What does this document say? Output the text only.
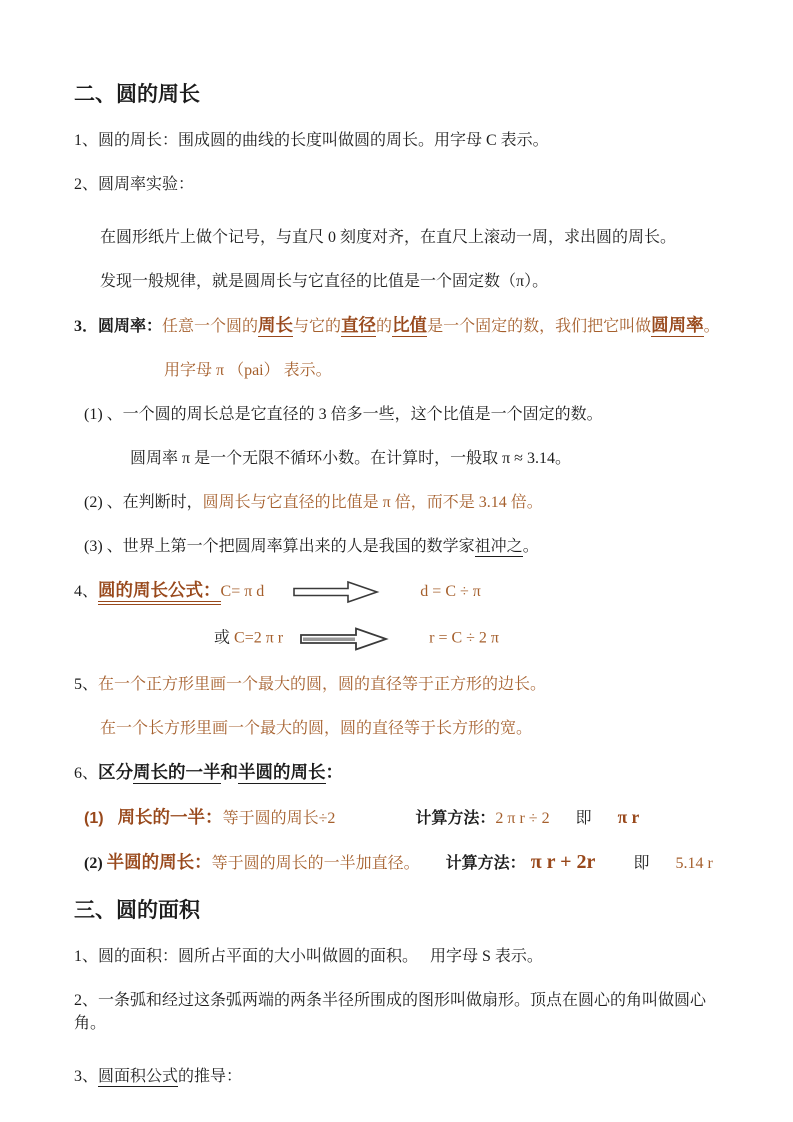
二、圆的周长
1、圆的周长：围成圆的曲线的长度叫做圆的周长。用字母 C 表示。
2、圆周率实验：
在圆形纸片上做个记号，与直尺 0 刻度对齐，在直尺上滚动一周，求出圆的周长。
发现一般规律，就是圆周长与它直径的比值是一个固定数（π）。
3．圆周率：任意一个圆的周长与它的直径的比值是一个固定的数，我们把它叫做圆周率。
用字母 π （pai） 表示。
(1) 、一个圆的周长总是它直径的 3 倍多一些，这个比值是一个固定的数。
圆周率 π 是一个无限不循环小数。在计算时，一般取 π ≈ 3.14。
(2) 、在判断时，圆周长与它直径的比值是 π 倍，而不是 3.14 倍。
(3) 、世界上第一个把圆周率算出来的人是我国的数学家祖冲之。
4、圆的周长公式：C= π d	d = C ÷ π
或 C=2 π r	r = C ÷ 2 π
5、在一个正方形里画一个最大的圆，圆的直径等于正方形的边长。
在一个长方形里画一个最大的圆，圆的直径等于长方形的宽。
6、区分周长的一半和半圆的周长：
(1) 周长的一半：等于圆的周长÷2	计算方法：2 π r ÷ 2 即 π r
(2) 半圆的周长：等于圆的周长的一半加直径。 计算方法： π r + 2r 即 5.14 r
三、圆的面积
1、圆的面积：圆所占平面的大小叫做圆的面积。　 用字母 S 表示。
2、一条弧和经过这条弧两端的两条半径所围成的图形叫做扇形。顶点在圆心的角叫做圆心角。
3、圆面积公式的推导：
